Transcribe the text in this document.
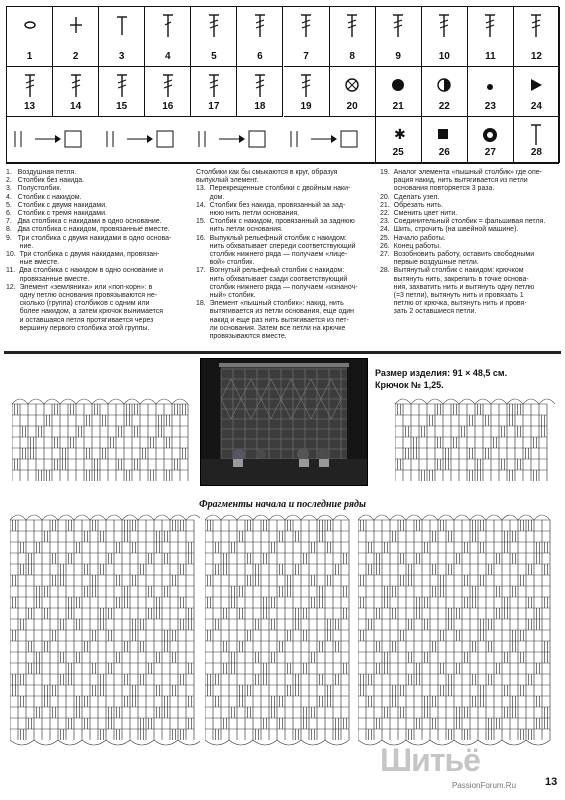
1	2	3	4	5	6	7	8	9	10	11	12
13	14	15	16	17	18	19	20	21	22	23	24
✱
25	26	27	28
1.   Воздушная петля.
2.   Столбик без накида.
3.   Полустолбик.
4.   Столбик с накидом.
5.   Столбик с двумя накидами.
6.   Столбик с тремя накидами.
7.   Два столбика с накидами в одно основание.
8.   Два столбика с накидом, провязанные вместе.
9.   Три столбика с двумя накидами в одно основа-
ние.
10.  Три столбика с двумя накидами, провязан-
ные вместе.
11.  Два столбика с накидом в одно основание и
провязанные вместе.
12.  Элемент «земляника» или «поп-корн»: в
одну петлю основания провязываются не-
сколько (группа) столбиков с одним или
более накидом, а затем крючок вынимается
и оставшаяся петля протягивается через
вершину первого столбика этой группы.
Столбики как бы смыкаются в круг, образуя
выпуклый элемент.
13.  Перекрещенные столбики с двойным наки-
дом.
14.  Столбик без накида, провязанный за зад-
нюю нить петли основания.
15.  Столбик с накидом, провязанный за заднюю
нить петли основания.
16.  Выпуклый рельефный столбик с накидом:
нить обхватывает спереди соответствующий
столбик нижнего ряда — получаем «лице-
вой» столбик.
17.  Вогнутый рельефный столбик с накидом:
нить обхватывает сзади соответствующий
столбик нижнего ряда — получаем «изнаноч-
ный» столбик.
18.  Элемент «пышный столбик»: накид, нить
вытягивается из петли основания, еще один
накид и еще раз нить вытягивается из пет-
ли основания. Затем все петли на крючке
провязываются вместе.
19.  Аналог элемента «пышный столбик» где опе-
рация накид, нить вытягивается из петли
основания повторяется 3 раза.
20.  Сделать узел.
21.  Обрезать нить.
22.  Сменить цвет нити.
23.  Соединительный столбик = фальшивая петля.
24.  Шить, строчить (на швейной машине).
25.  Начало работы.
26.  Конец работы.
27.  Возобновить работу, оставить свободными
первые воздушные петли.
28.  Вытянутый столбик с накидом: крючком
вытянуть нить, закрепить в точке основа-
ния, захватить нить и вытянуть одну петлю
(=3 петли), вытянуть нить и провязать 1
петлю от крючка, вытянуть нить и провя-
зать 2 оставшиеся петли.
Размер изделия: 91 × 48,5 см.
Крючок № 1,25.
Фрагменты начала и последние ряды
Шитьё
PassionForum.Ru	13
